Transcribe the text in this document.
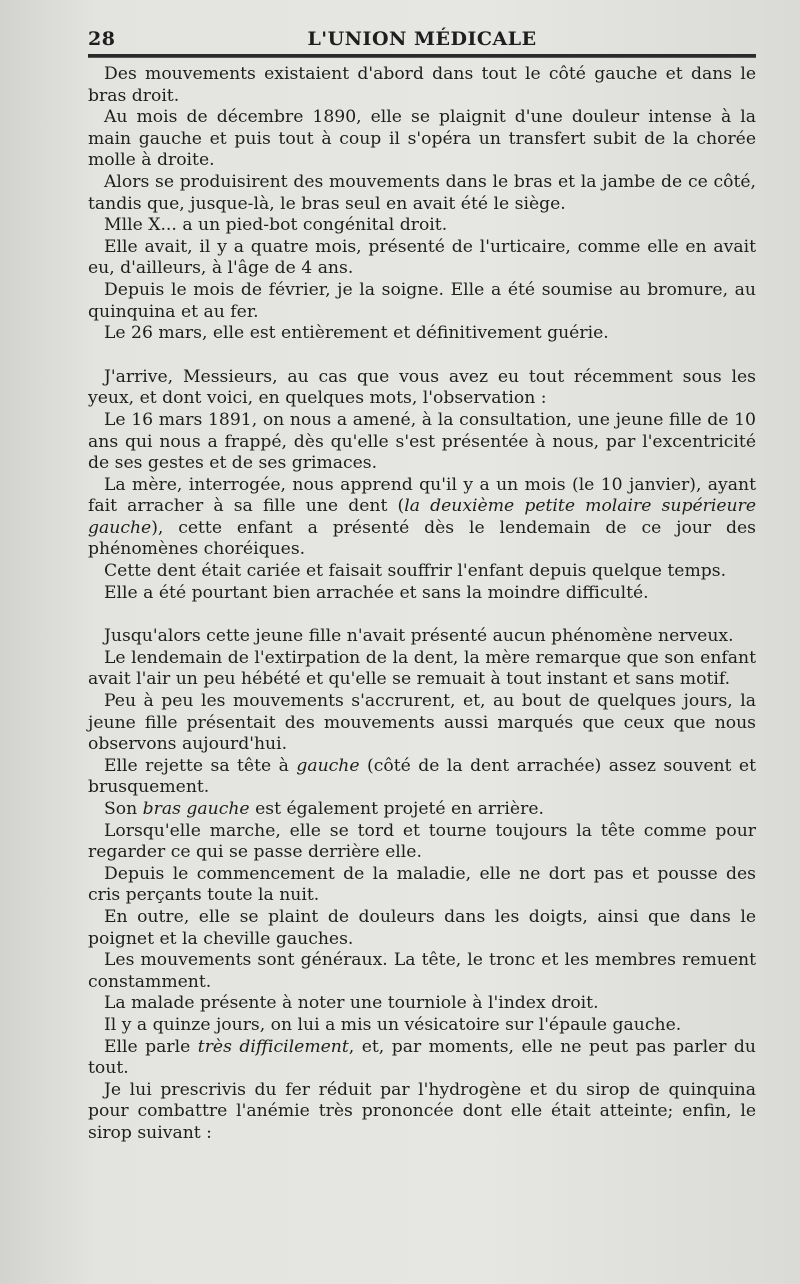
28	L'UNION MÉDICALE

Des mouvements existaient d'abord dans tout le côté gauche et dans le bras droit.

Au mois de décembre 1890, elle se plaignit d'une douleur intense à la main gauche et puis tout à coup il s'opéra un transfert subit de la chorée molle à droite.

Alors se produisirent des mouvements dans le bras et la jambe de ce côté, tandis que, jusque-là, le bras seul en avait été le siège.

Mlle X... a un pied-bot congénital droit.

Elle avait, il y a quatre mois, présenté de l'urticaire, comme elle en avait eu, d'ailleurs, à l'âge de 4 ans.

Depuis le mois de février, je la soigne. Elle a été soumise au bromure, au quinquina et au fer.

Le 26 mars, elle est entièrement et définitivement guérie.

J'arrive, Messieurs, au cas que vous avez eu tout récemment sous les yeux, et dont voici, en quelques mots, l'observation :

Le 16 mars 1891, on nous a amené, à la consultation, une jeune fille de 10 ans qui nous a frappé, dès qu'elle s'est présentée à nous, par l'excentricité de ses gestes et de ses grimaces.

La mère, interrogée, nous apprend qu'il y a un mois (le 10 janvier), ayant fait arracher à sa fille une dent (la deuxième petite molaire supérieure gauche), cette enfant a présenté dès le lendemain de ce jour des phénomènes choréiques.

Cette dent était cariée et faisait souffrir l'enfant depuis quelque temps.

Elle a été pourtant bien arrachée et sans la moindre difficulté.

Jusqu'alors cette jeune fille n'avait présenté aucun phénomène nerveux.

Le lendemain de l'extirpation de la dent, la mère remarque que son enfant avait l'air un peu hébété et qu'elle se remuait à tout instant et sans motif.

Peu à peu les mouvements s'accrurent, et, au bout de quelques jours, la jeune fille présentait des mouvements aussi marqués que ceux que nous observons aujourd'hui.

Elle rejette sa tête à gauche (côté de la dent arrachée) assez souvent et brusquement.

Son bras gauche est également projeté en arrière.

Lorsqu'elle marche, elle se tord et tourne toujours la tête comme pour regarder ce qui se passe derrière elle.

Depuis le commencement de la maladie, elle ne dort pas et pousse des cris perçants toute la nuit.

En outre, elle se plaint de douleurs dans les doigts, ainsi que dans le poignet et la cheville gauches.

Les mouvements sont généraux. La tête, le tronc et les membres remuent constamment.

La malade présente à noter une tourniole à l'index droit.

Il y a quinze jours, on lui a mis un vésicatoire sur l'épaule gauche.

Elle parle très difficilement, et, par moments, elle ne peut pas parler du tout.

Je lui prescrivis du fer réduit par l'hydrogène et du sirop de quinquina pour combattre l'anémie très prononcée dont elle était atteinte; enfin, le sirop suivant :
